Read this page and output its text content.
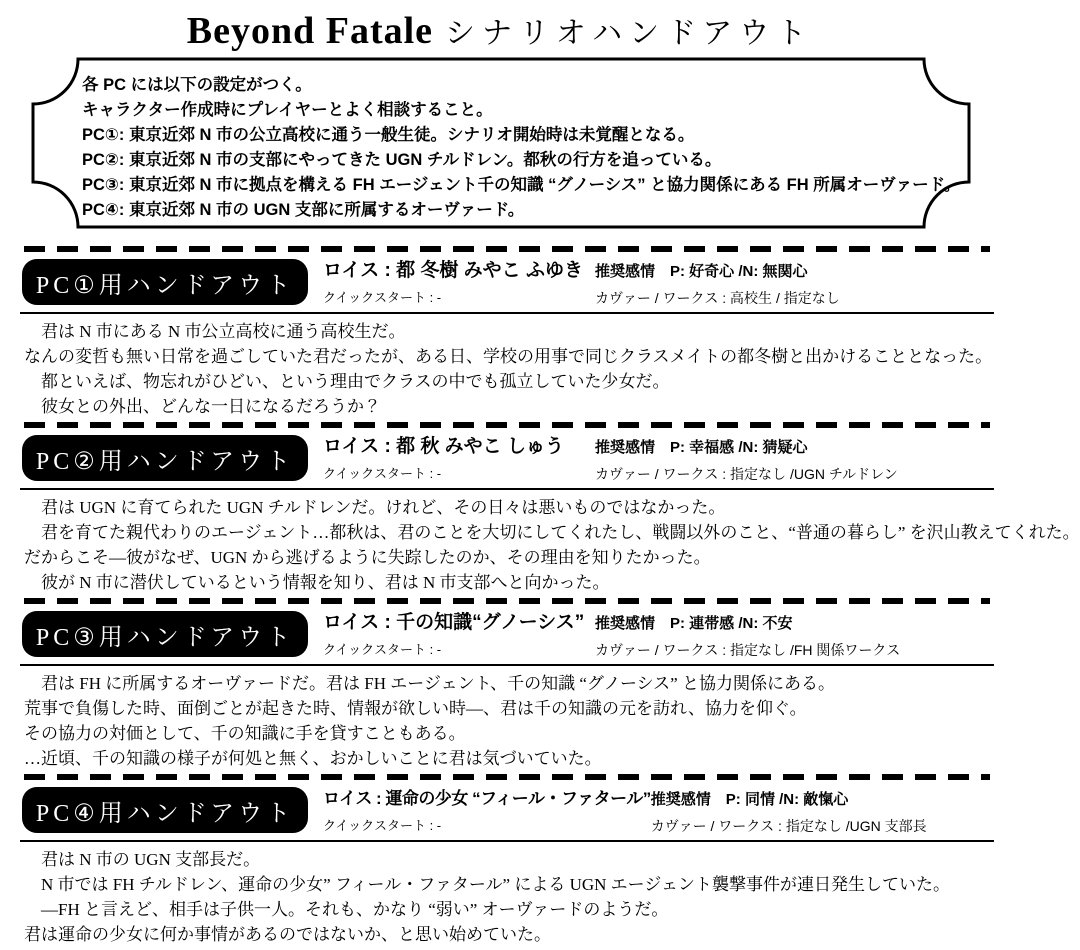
Beyond Fatale シナリオハンドアウト
各 PC には以下の設定がつく。
キャラクター作成時にプレイヤーとよく相談すること。
PC①: 東京近郊 N 市の公立高校に通う一般生徒。シナリオ開始時は未覚醒となる。
PC②: 東京近郊 N 市の支部にやってきた UGN チルドレン。都秋の行方を追っている。
PC③: 東京近郊 N 市に拠点を構える FH エージェント千の知識 “グノーシス” と協力関係にある FH 所属オーヴァード。
PC④: 東京近郊 N 市の UGN 支部に所属するオーヴァード。
PC①用ハンドアウト
ロイス : 都 冬樹 みやこ ふゆき
クイックスタート : -
推奨感情　P: 好奇心 /N: 無関心
カヴァー / ワークス : 高校生 / 指定なし

　君は N 市にある N 市公立高校に通う高校生だ。

なんの変哲も無い日常を過ごしていた君だったが、ある日、学校の用事で同じクラスメイトの都冬樹と出かけることとなった。

　都といえば、物忘れがひどい、という理由でクラスの中でも孤立していた少女だ。

　彼女との外出、どんな一日になるだろうか？

PC②用ハンドアウト
ロイス : 都 秋 みやこ しゅう
クイックスタート : -
推奨感情　P: 幸福感 /N: 猜疑心
カヴァー / ワークス : 指定なし /UGN チルドレン

　君は UGN に育てられた UGN チルドレンだ。けれど、その日々は悪いものではなかった。

　君を育てた親代わりのエージェント…都秋は、君のことを大切にしてくれたし、戦闘以外のこと、“普通の暮らし” を沢山教えてくれた。

だからこそ―彼がなぜ、UGN から逃げるように失踪したのか、その理由を知りたかった。

　彼が N 市に潜伏しているという情報を知り、君は N 市支部へと向かった。

PC③用ハンドアウト
ロイス : 千の知識“グノーシス”
クイックスタート : -
推奨感情　P: 連帯感 /N: 不安
カヴァー / ワークス : 指定なし /FH 関係ワークス

　君は FH に所属するオーヴァードだ。君は FH エージェント、千の知識 “グノーシス” と協力関係にある。

荒事で負傷した時、面倒ごとが起きた時、情報が欲しい時―、君は千の知識の元を訪れ、協力を仰ぐ。

その協力の対価として、千の知識に手を貸すこともある。

…近頃、千の知識の様子が何処と無く、おかしいことに君は気づいていた。

PC④用ハンドアウト
ロイス : 運命の少女 “フィール・ファタール”
クイックスタート : -
推奨感情　P: 同情 /N: 敵愾心
カヴァー / ワークス : 指定なし /UGN 支部長

　君は N 市の UGN 支部長だ。

　N 市では FH チルドレン、運命の少女” フィール・ファタール” による UGN エージェント襲撃事件が連日発生していた。

　―FH と言えど、相手は子供一人。それも、かなり “弱い” オーヴァードのようだ。

君は運命の少女に何か事情があるのではないか、と思い始めていた。
